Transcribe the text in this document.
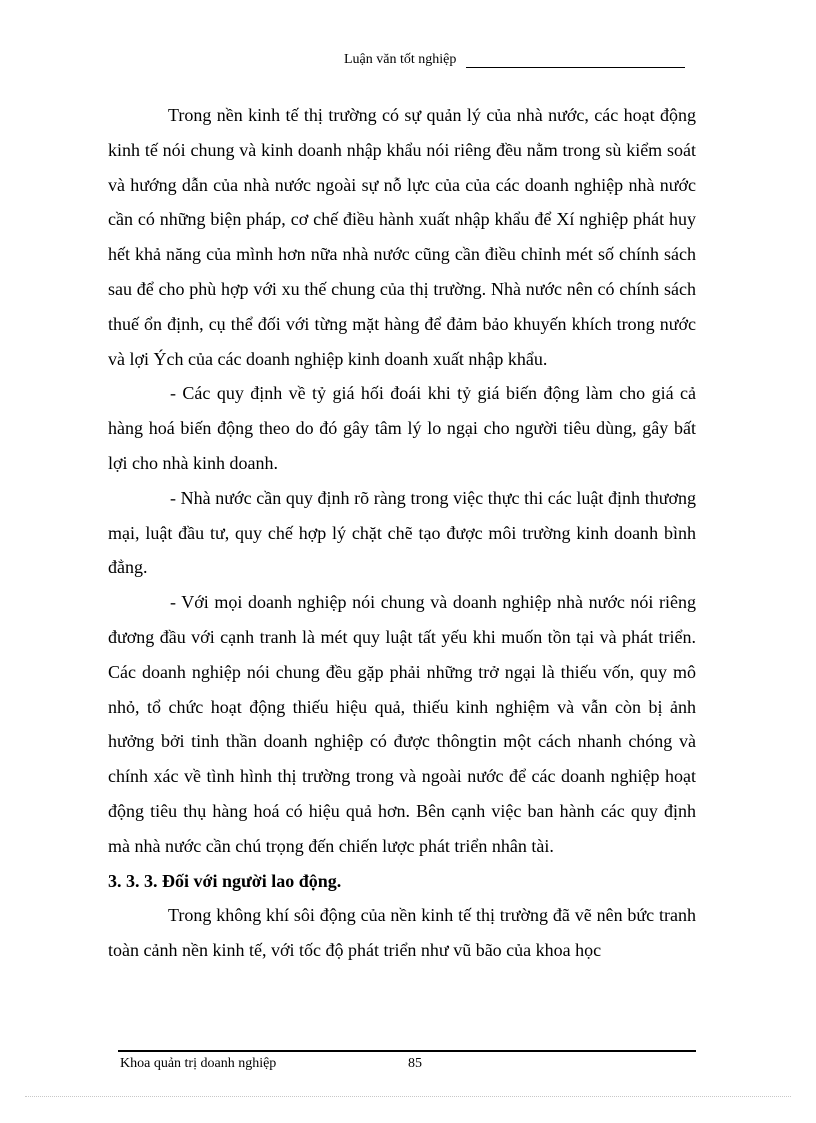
Luận văn tốt nghiệp

Trong nền kinh tế thị trường có sự quản lý của nhà nước, các hoạt động kinh tế nói chung và kinh doanh nhập khẩu nói riêng đều nằm trong sù kiểm soát và hướng dẫn của nhà nước ngoài sự nỗ lực của của các doanh nghiệp nhà nước cần có những biện pháp, cơ chế điều hành xuất nhập khẩu để Xí nghiệp phát huy hết khả năng của mình hơn nữa nhà nước cũng cần điều chỉnh mét số chính sách sau để cho phù hợp với xu thế chung của thị trường. Nhà nước nên có chính sách thuế ổn định, cụ thể đối với từng mặt hàng để đảm bảo khuyến khích trong nước và lợi Ých của các doanh nghiệp kinh doanh xuất nhập khẩu.

- Các quy định về tỷ giá hối đoái khi tỷ giá biến động làm cho giá cả hàng hoá biến động theo do đó gây tâm lý lo ngại cho người tiêu dùng, gây bất lợi cho nhà kinh doanh.

- Nhà nước cần quy định rõ ràng trong việc thực thi các luật định thương mại, luật đầu tư, quy chế hợp lý chặt chẽ tạo được môi trường kinh doanh bình đẳng.

- Với mọi doanh nghiệp nói chung và doanh nghiệp nhà nước nói riêng đương đầu với cạnh tranh là mét quy luật tất yếu khi muốn tồn tại và phát triển. Các doanh nghiệp nói chung đều gặp phải những trở ngại là thiếu vốn, quy mô nhỏ, tổ chức hoạt động thiếu hiệu quả, thiếu kinh nghiệm và vẫn còn bị ảnh hưởng bởi tinh thần doanh nghiệp có được thôngtin một cách nhanh chóng và chính xác về tình hình thị trường trong và ngoài nước để các doanh nghiệp hoạt động tiêu thụ hàng hoá có hiệu quả hơn. Bên cạnh việc ban hành các quy định mà nhà nước cần chú trọng đến chiến lược phát triển nhân tài.

3. 3. 3. Đối với người lao động.

Trong không khí sôi động của nền kinh tế thị trường đã vẽ nên bức tranh toàn cảnh nền kinh tế, với tốc độ phát triển như vũ bão của khoa học

Khoa quản trị doanh nghiệp	85
